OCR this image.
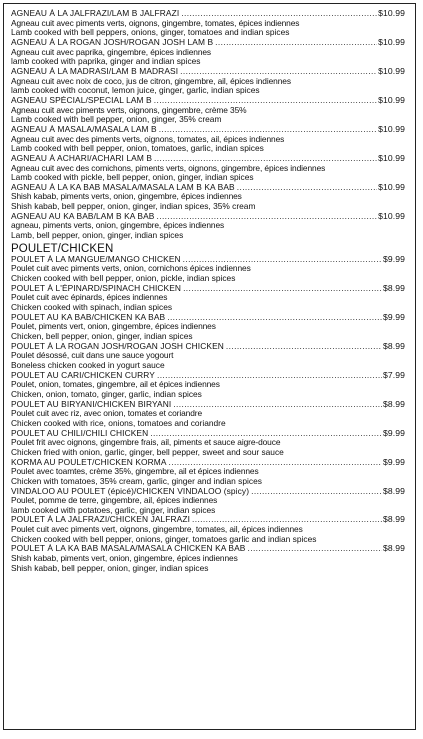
AGNEAU À LA JALFRAZI/LAM B JALFRAZI .....	$10.99
Agneau cuit avec piments verts, oignons, gingembre, tomates, épices indiennes
Lamb cooked with bell peppers, onions, ginger, tomatoes and indian spices
AGNEAU À LA ROGAN JOSH/ROGAN JOSH LAM B .....	$10.99
Agneau cuit avec paprika, gingembre, épices indiennes
lamb cooked with paprika, ginger and indian spices
AGNEAU À LA MADRASI/LAM B MADRASI .....	$10.99
Agneau cuit avec noix de coco, jus de citron, gingembre, ail, épices indiennes
lamb cooked with coconut, lemon juice, ginger, garlic, indian spices
AGNEAU SPÉCIAL/SPECIAL LAM B .....	$10.99
Agneau cuit avec piments verts, oignons, gingembre, crème 35%
Lamb cooked with bell pepper, onion, ginger, 35% cream
AGNEAU À MASALA/MASALA LAM B .....	$10.99
Agneau cuit avec des piments verts, oignons, tomates, ail, épices indiennes
Lamb cooked with bell pepper, onion, tomatoes, garlic, indian spices
AGNEAU À ACHARI/ACHARI LAM B .....	$10.99
Agneau cuit avec des cornichons, piments verts, oignons, gingembre, épices indiennes
Lamb cooked with pickle, bell pepper, onion, ginger, indian spices
AGNEAU À LA KA BAB MASALA/MASALA LAM B KA BAB .....	$10.99
Shish kabab, piments verts, onion, gingembre, épices indiennes
Shish kabab, bell pepper, onion, ginger, indian spices, 35% cream
AGNEAU AU KA BAB/LAM B KA BAB .....	$10.99
agneau, piments verts, onion, gingembre, épices indiennes
Lamb, bell pepper, onion, ginger, indian spices
POULET/CHICKEN
POULET À LA MANGUE/MANGO CHICKEN .....	$9.99
Poulet cuit avec piments verts, onion, cornichons épices indiennes
Chicken cooked with bell pepper, onion, pickle, indian spices
POULET À L'ÉPINARD/SPINACH CHICKEN .....	$8.99
Poulet cuit avec épinards, épices indiennes
Chicken cooked with spinach, indian spices
POULET AU KA BAB/CHICKEN KA BAB .....	$9.99
Poulet, piments vert, onion, gingembre, épices indiennes
Chicken, bell pepper, onion, ginger, indian spices
POULET À LA ROGAN JOSH/ROGAN JOSH CHICKEN .....	$8.99
Poulet désossé, cuit dans une sauce yogourt
Boneless chicken cooked in yogurt sauce
POULET AU CARI/CHICKEN CURRY .....	$7.99
Poulet, onion, tomates, gingembre, ail et épices indiennes
Chicken, onion, tomato, ginger, garlic, indian spices
POULET AU BIRYANI/CHICKEN BIRYANI .....	$8.99
Poulet cuit avec riz, avec onion, tomates et coriandre
Chicken cooked with rice, onions, tomatoes and coriandre
POULET AU CHILI/CHILI CHICKEN .....	$9.99
Poulet frit avec oignons, gingembre frais, ail, piments et sauce aigre-douce
Chicken fried with onion, garlic, ginger, bell pepper, sweet and sour sauce
KORMA AU POULET/CHICKEN KORMA .....	$9.99
Poulet avec toamtes, crème 35%, gingembre, ail et épices indiennes
Chicken with tomatoes, 35% cream, garlic, ginger and indian spices
VINDALOO AU POULET (épicé)/CHICKEN VINDALOO (spicy) .....	$8.99
Poulet, pomme de terre, gingembre, ail, épices indiennes
lamb cooked with potatoes, garlic, ginger, indian spices
POULET À LA JALFRAZI/CHICKEN JALFRAZI .....	$8.99
Poulet cuit avec piments vert, oignons, gingembre, tomates, ail, épices indiennes
Chicken cooked with bell pepper, onions, ginger, tomatoes garlic and indian spices
POULET À LA KA BAB MASALA/MASALA CHICKEN KA BAB .....	$8.99
Shish kabab, piments vert, onion, gingembre, épices indiennes
Shish kabab, bell pepper, onion, ginger, indian spices
